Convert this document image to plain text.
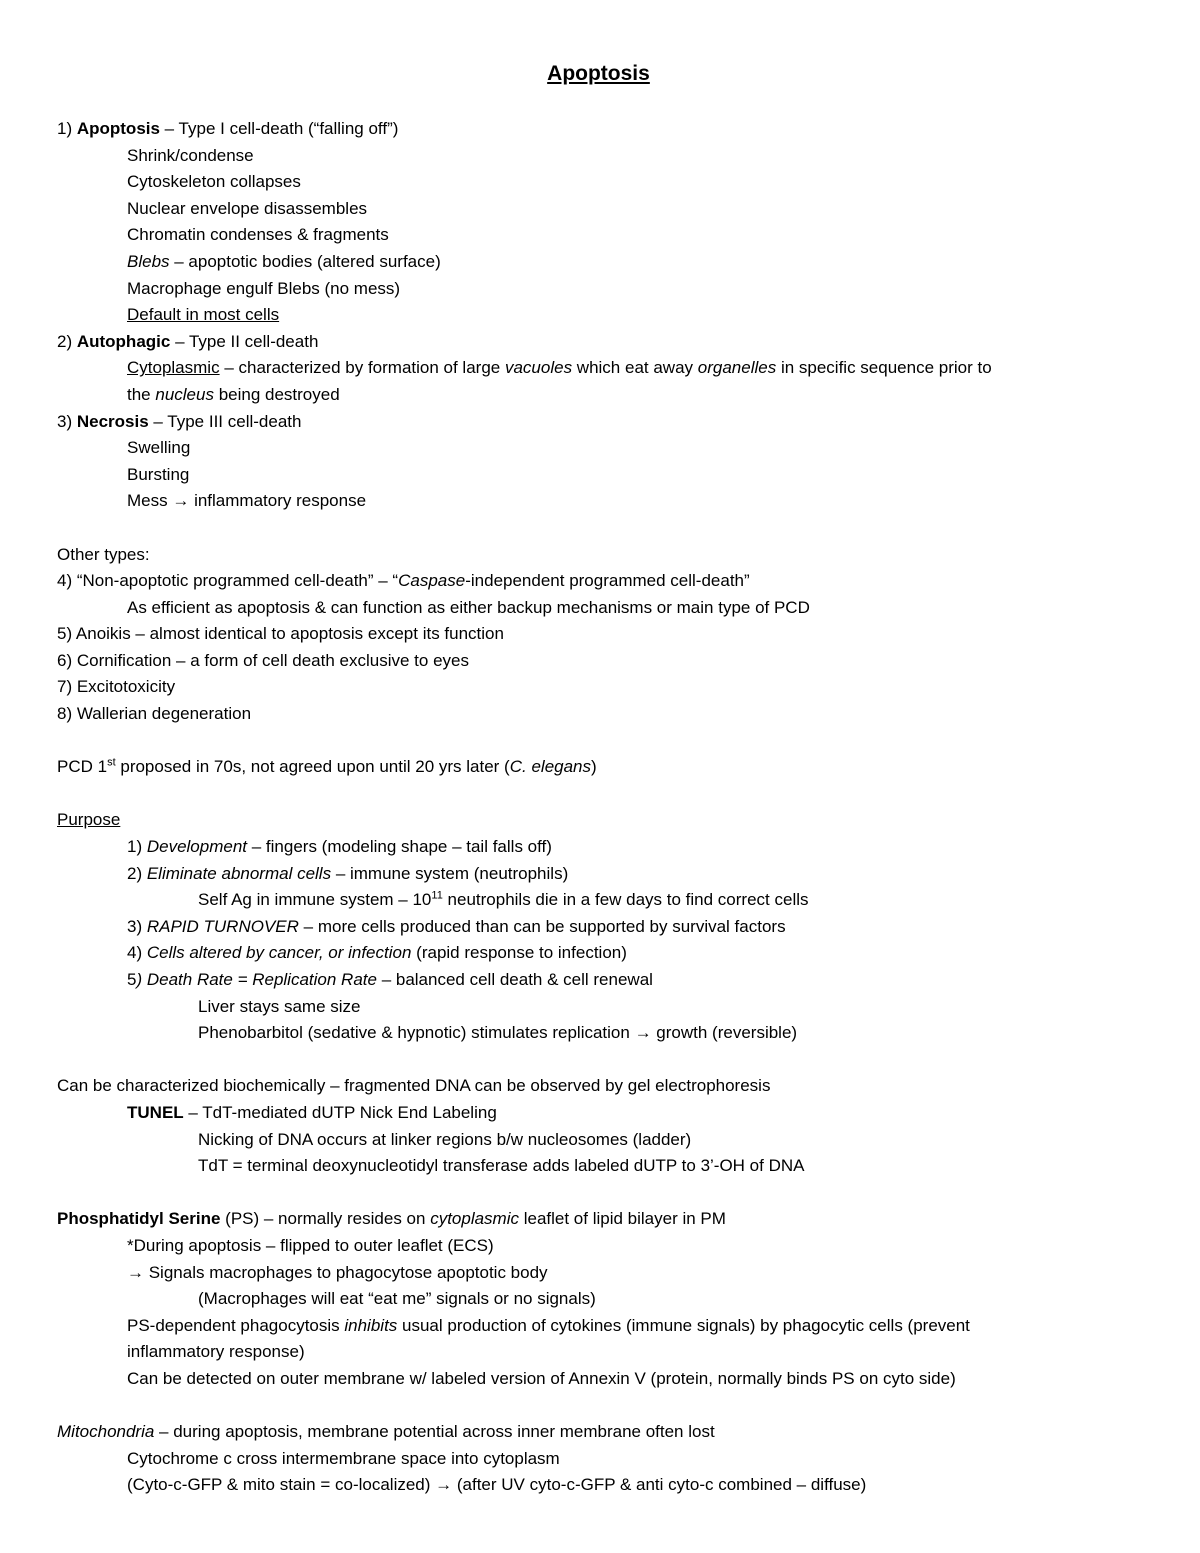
Apoptosis
1) Apoptosis – Type I cell-death (“falling off”)
Shrink/condense
Cytoskeleton collapses
Nuclear envelope disassembles
Chromatin condenses & fragments
Blebs – apoptotic bodies (altered surface)
Macrophage engulf Blebs (no mess)
Default in most cells
2) Autophagic – Type II cell-death
Cytoplasmic – characterized by formation of large vacuoles which eat away organelles in specific sequence prior to
the nucleus being destroyed
3) Necrosis – Type III cell-death
Swelling
Bursting
Mess → inflammatory response
Other types:
4) “Non-apoptotic programmed cell-death” – “Caspase-independent programmed cell-death”
As efficient as apoptosis & can function as either backup mechanisms or main type of PCD
5) Anoikis – almost identical to apoptosis except its function
6) Cornification – a form of cell death exclusive to eyes
7) Excitotoxicity
8) Wallerian degeneration
PCD 1st proposed in 70s, not agreed upon until 20 yrs later (C. elegans)
Purpose
1) Development – fingers (modeling shape – tail falls off)
2) Eliminate abnormal cells – immune system (neutrophils)
Self Ag in immune system – $10^{11}$ neutrophils die in a few days to find correct cells
3) RAPID TURNOVER – more cells produced than can be supported by survival factors
4) Cells altered by cancer, or infection (rapid response to infection)
5) Death Rate = Replication Rate – balanced cell death & cell renewal
Liver stays same size
Phenobarbitol (sedative & hypnotic) stimulates replication → growth (reversible)
Can be characterized biochemically – fragmented DNA can be observed by gel electrophoresis
TUNEL – TdT-mediated dUTP Nick End Labeling
Nicking of DNA occurs at linker regions b/w nucleosomes (ladder)
TdT = terminal deoxynucleotidyl transferase adds labeled dUTP to 3’-OH of DNA
Phosphatidyl Serine (PS) – normally resides on cytoplasmic leaflet of lipid bilayer in PM
*During apoptosis – flipped to outer leaflet (ECS)
→ Signals macrophages to phagocytose apoptotic body
(Macrophages will eat “eat me” signals or no signals)
PS-dependent phagocytosis inhibits usual production of cytokines (immune signals) by phagocytic cells (prevent
inflammatory response)
Can be detected on outer membrane w/ labeled version of Annexin V (protein, normally binds PS on cyto side)
Mitochondria – during apoptosis, membrane potential across inner membrane often lost
Cytochrome c cross intermembrane space into cytoplasm
(Cyto-c-GFP & mito stain = co-localized) → (after UV cyto-c-GFP & anti cyto-c combined – diffuse)
